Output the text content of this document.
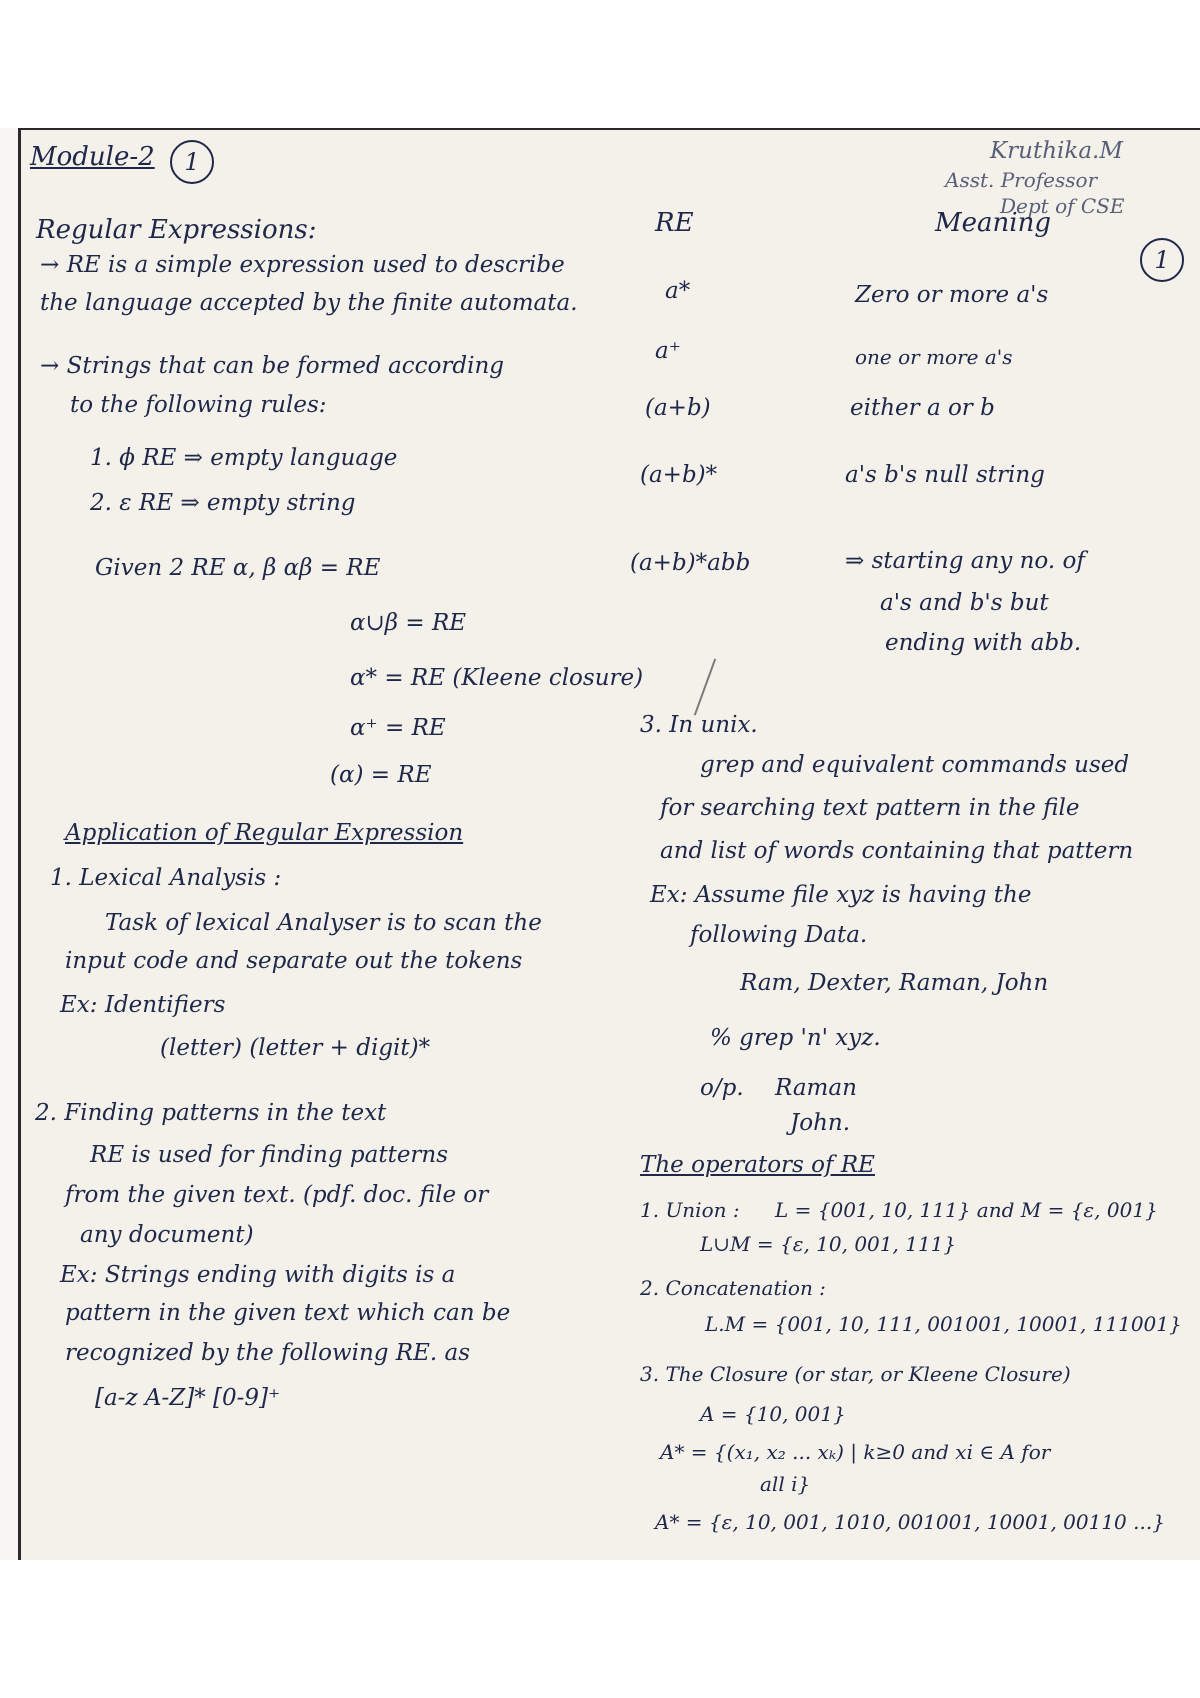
Module-2	1	Kruthika.M
Asst. Professor
Dept of CSE
1
Regular Expressions:
→ RE is a simple expression used to describe
the language accepted by the finite automata.
→ Strings that can be formed according
to the following rules:
1. ϕ RE ⇒ empty language
2. ε RE ⇒ empty string
Given 2 RE α, β αβ = RE
α∪β = RE
α* = RE (Kleene closure)
α⁺ = RE
(α) = RE
Application of Regular Expression
1. Lexical Analysis :
Task of lexical Analyser is to scan the
input code and separate out the tokens
Ex: Identifiers
(letter) (letter + digit)*
2. Finding patterns in the text
RE is used for finding patterns
from the given text. (pdf. doc. file or
any document)
Ex: Strings ending with digits is a
pattern in the given text which can be
recognized by the following RE. as
[a-z A-Z]* [0-9]⁺
RE	Meaning
a*	Zero or more a's
a⁺	one or more a's
(a+b)	either a or b
(a+b)*	a's b's null string
(a+b)*abb	⇒ starting any no. of
a's and b's but
ending with abb.
3. In unix.
grep and equivalent commands used
for searching text pattern in the file
and list of words containing that pattern
Ex: Assume file xyz is having the
following Data.
Ram, Dexter, Raman, John
% grep 'n' xyz.
o/p. Raman
John.
The operators of RE
1. Union : L = {001, 10, 111} and M = {ε, 001}
L∪M = {ε, 10, 001, 111}
2. Concatenation :
L.M = {001, 10, 111, 001001, 10001, 111001}
3. The Closure (or star, or Kleene Closure)
A = {10, 001}
A* = {(x₁, x₂ ... xₖ) | k≥0 and xi ∈ A for
all i}
A* = {ε, 10, 001, 1010, 001001, 10001, 00110 ...}
